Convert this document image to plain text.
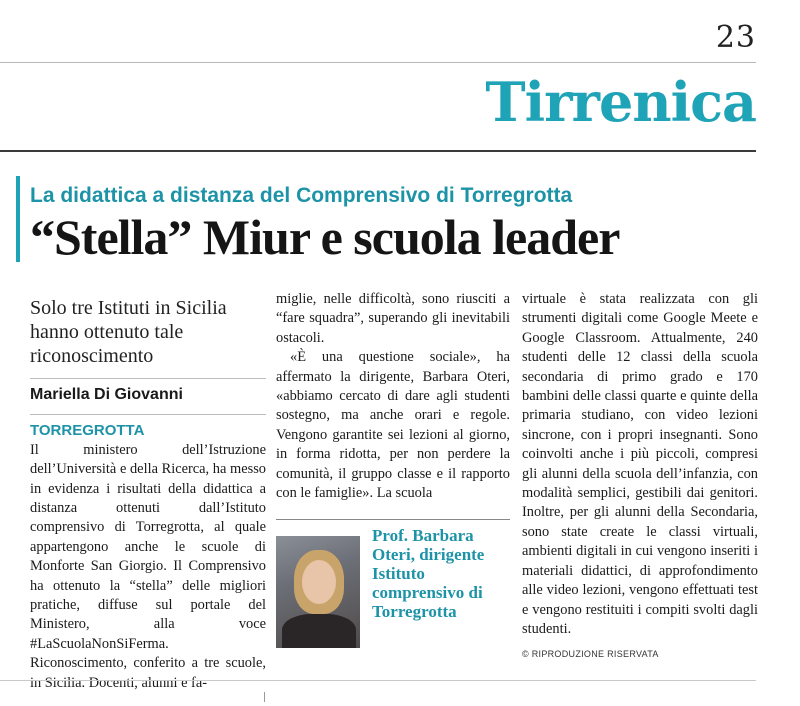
23
Tirrenica
La didattica a distanza del Comprensivo di Torregrotta
“Stella” Miur e scuola leader
Solo tre Istituti in Sicilia hanno ottenuto tale riconoscimento
Mariella Di Giovanni
TORREGROTTA

Il ministero dell’Istruzione dell’Università e della Ricerca, ha messo in evidenza i risultati della didattica a distanza ottenuti dall’Istituto comprensivo di Torregrotta, al quale appartengono anche le scuole di Monforte San Giorgio. Il Comprensivo ha ottenuto la “stella” delle migliori pratiche, diffuse sul portale del Ministero, alla voce #LaScuolaNonSiFerma. Riconoscimento, conferito a tre scuole, in Sicilia. Docenti, alunni e fa-

miglie, nelle difficoltà, sono riusciti a “fare squadra”, superando gli inevitabili ostacoli.

«È una questione sociale», ha affermato la dirigente, Barbara Oteri, «abbiamo cercato di dare agli studenti sostegno, ma anche orari e regole. Vengono garantite sei lezioni al giorno, in forma ridotta, per non perdere la comunità, il gruppo classe e il rapporto con le famiglie». La scuola

Prof. Barbara Oteri, dirigente Istituto comprensivo di Torregrotta

virtuale è stata realizzata con gli strumenti digitali come Google Meete e Google Classroom. Attualmente, 240 studenti delle 12 classi della scuola secondaria di primo grado e 170 bambini delle classi quarte e quinte della primaria studiano, con video lezioni sincrone, con i propri insegnanti. Sono coinvolti anche i più piccoli, compresi gli alunni della scuola dell’infanzia, con modalità semplici, gestibili dai genitori. Inoltre, per gli alunni della Secondaria, sono state create le classi virtuali, ambienti digitali in cui vengono inseriti i materiali didattici, di approfondimento alle video lezioni, vengono effettuati test e vengono restituiti i compiti svolti dagli studenti.

© RIPRODUZIONE RISERVATA
